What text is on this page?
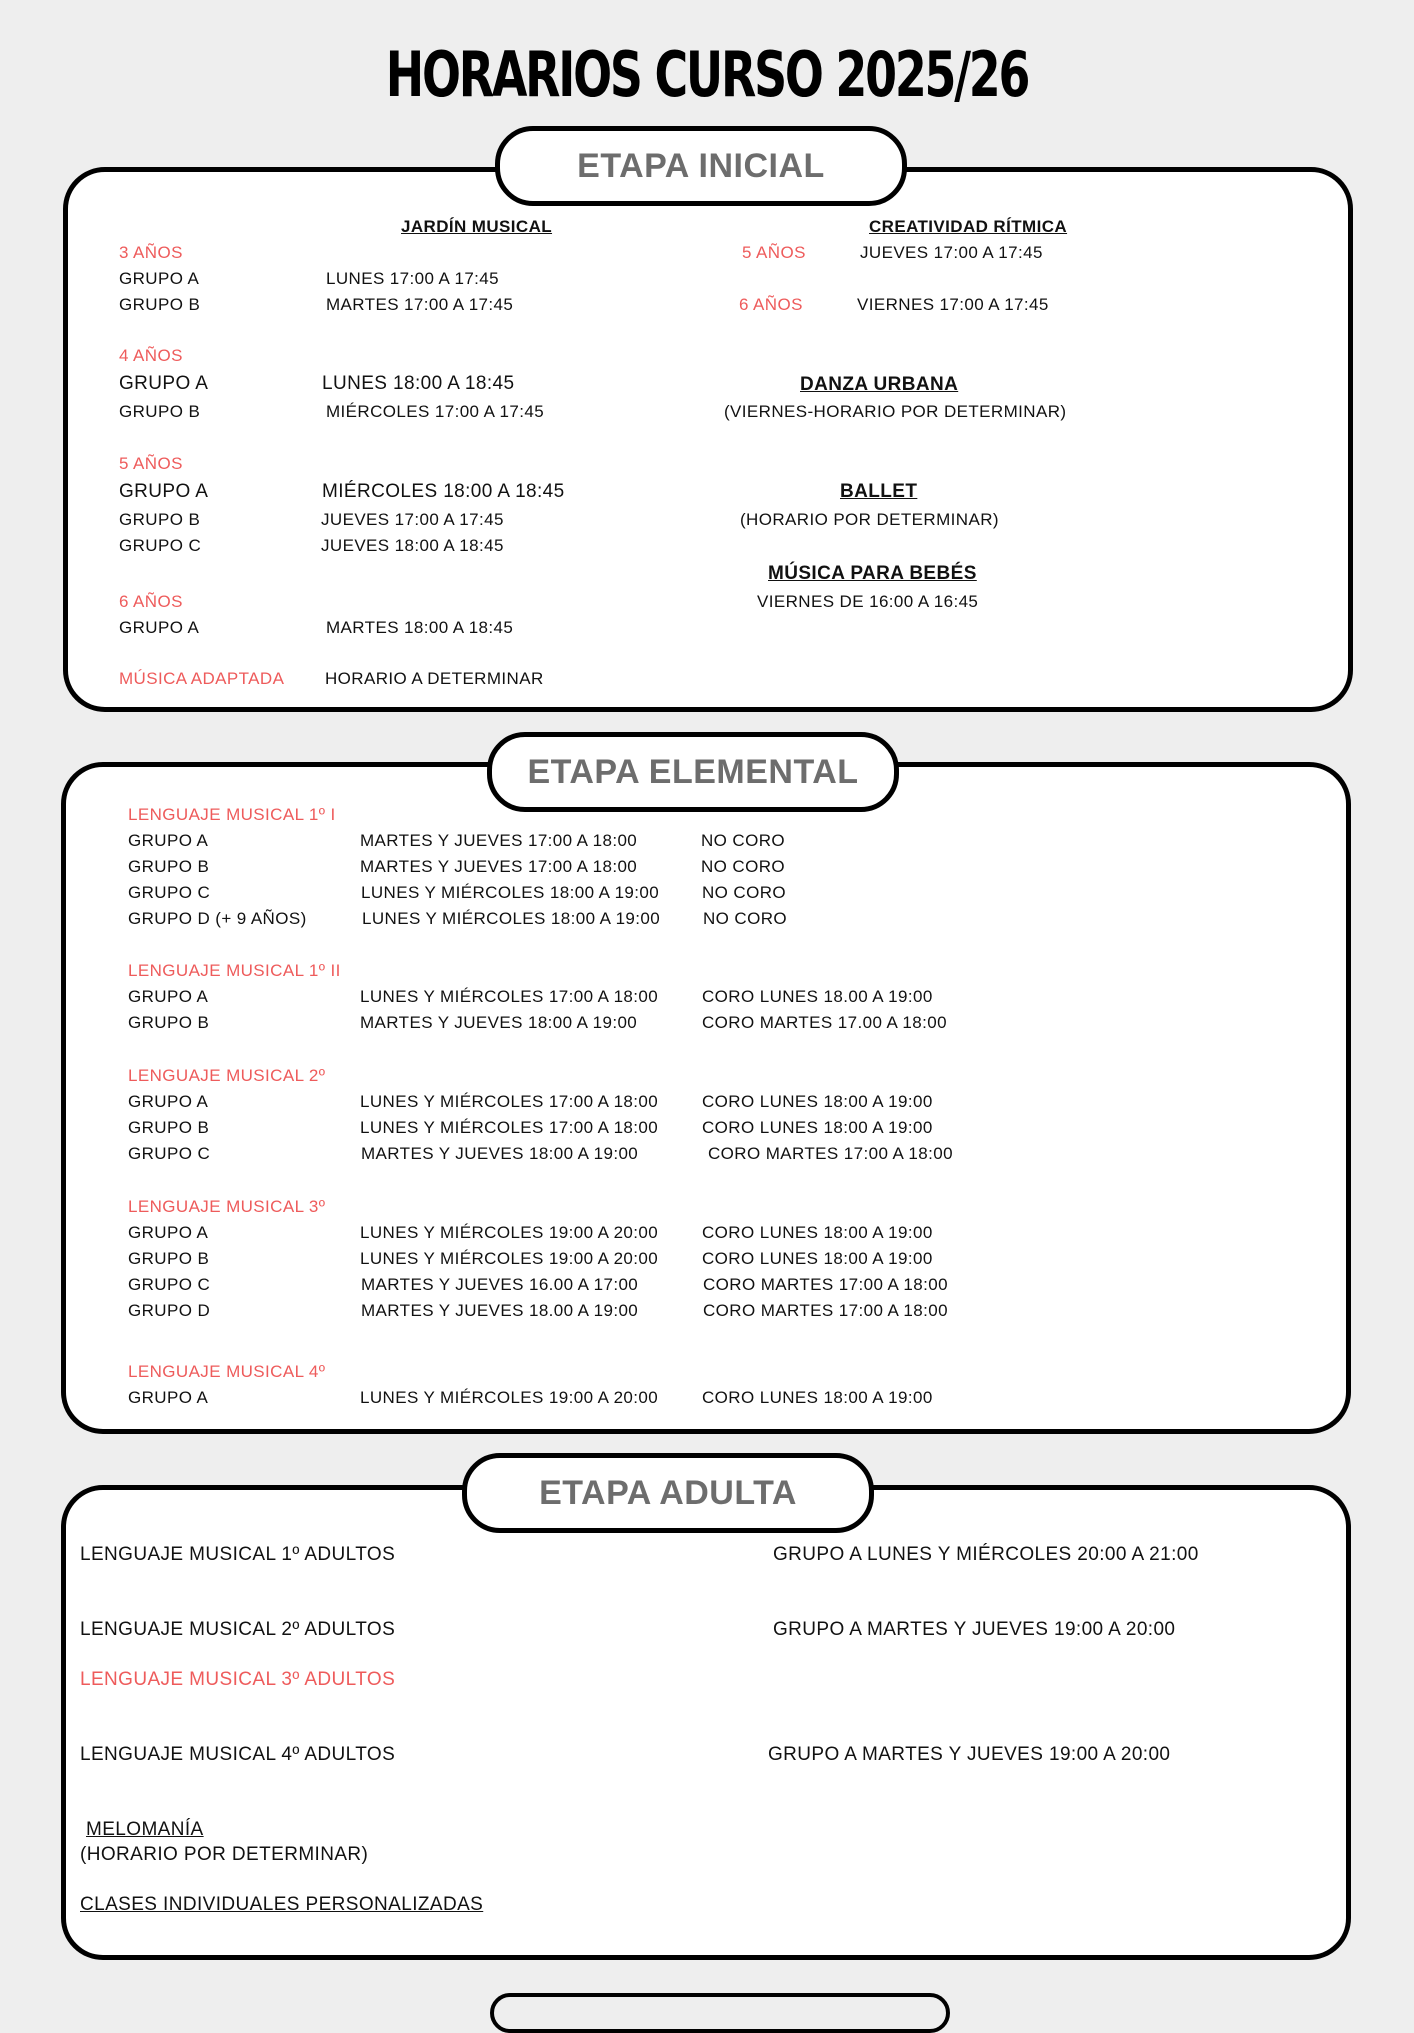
HORARIOS CURSO 2025/26
ETAPA INICIAL
JARDÍN MUSICAL
3 AÑOS
GRUPO A	LUNES 17:00 A 17:45
GRUPO B	MARTES 17:00 A 17:45
4 AÑOS
GRUPO A	LUNES 18:00 A 18:45
GRUPO B	MIÉRCOLES 17:00 A 17:45
5 AÑOS
GRUPO A	MIÉRCOLES 18:00 A 18:45
GRUPO B	JUEVES 17:00 A 17:45
GRUPO C	JUEVES 18:00 A 18:45
6 AÑOS
GRUPO A	MARTES 18:00 A 18:45
MÚSICA ADAPTADA HORARIO A DETERMINAR
CREATIVIDAD RÍTMICA
5 AÑOS	JUEVES 17:00 A 17:45
6 AÑOS	VIERNES 17:00 A 17:45
DANZA URBANA
(VIERNES-HORARIO POR DETERMINAR)
BALLET
(HORARIO POR DETERMINAR)
MÚSICA PARA BEBÉS
VIERNES DE 16:00 A 16:45
ETAPA ELEMENTAL
LENGUAJE MUSICAL 1º I
GRUPO A	MARTES Y JUEVES 17:00 A 18:00	NO CORO
GRUPO B	MARTES Y JUEVES 17:00 A 18:00	NO CORO
GRUPO C	LUNES Y MIÉRCOLES 18:00 A 19:00	NO CORO
GRUPO D (+ 9 AÑOS)	LUNES Y MIÉRCOLES 18:00 A 19:00	NO CORO
LENGUAJE MUSICAL 1º II
GRUPO A	LUNES Y MIÉRCOLES 17:00 A 18:00	CORO LUNES 18.00 A 19:00
GRUPO B	MARTES Y JUEVES 18:00 A 19:00	CORO MARTES 17.00 A 18:00
LENGUAJE MUSICAL 2º
GRUPO A	LUNES Y MIÉRCOLES 17:00 A 18:00	CORO LUNES 18:00 A 19:00
GRUPO B	LUNES Y MIÉRCOLES 17:00 A 18:00	CORO LUNES 18:00 A 19:00
GRUPO C	MARTES Y JUEVES 18:00 A 19:00	CORO MARTES 17:00 A 18:00
LENGUAJE MUSICAL 3º
GRUPO A	LUNES Y MIÉRCOLES 19:00 A 20:00	CORO LUNES 18:00 A 19:00
GRUPO B	LUNES Y MIÉRCOLES 19:00 A 20:00	CORO LUNES 18:00 A 19:00
GRUPO C	MARTES Y JUEVES 16.00 A 17:00	CORO MARTES 17:00 A 18:00
GRUPO D	MARTES Y JUEVES 18.00 A 19:00	CORO MARTES 17:00 A 18:00
LENGUAJE MUSICAL 4º
GRUPO A	LUNES Y MIÉRCOLES 19:00 A 20:00	CORO LUNES 18:00 A 19:00
ETAPA ADULTA
LENGUAJE MUSICAL 1º ADULTOS	GRUPO A LUNES Y MIÉRCOLES 20:00 A 21:00
LENGUAJE MUSICAL 2º ADULTOS	GRUPO A MARTES Y JUEVES 19:00 A 20:00
LENGUAJE MUSICAL 3º ADULTOS
LENGUAJE MUSICAL 4º ADULTOS	GRUPO A MARTES Y JUEVES 19:00 A 20:00
MELOMANÍA
(HORARIO POR DETERMINAR)
CLASES INDIVIDUALES PERSONALIZADAS
